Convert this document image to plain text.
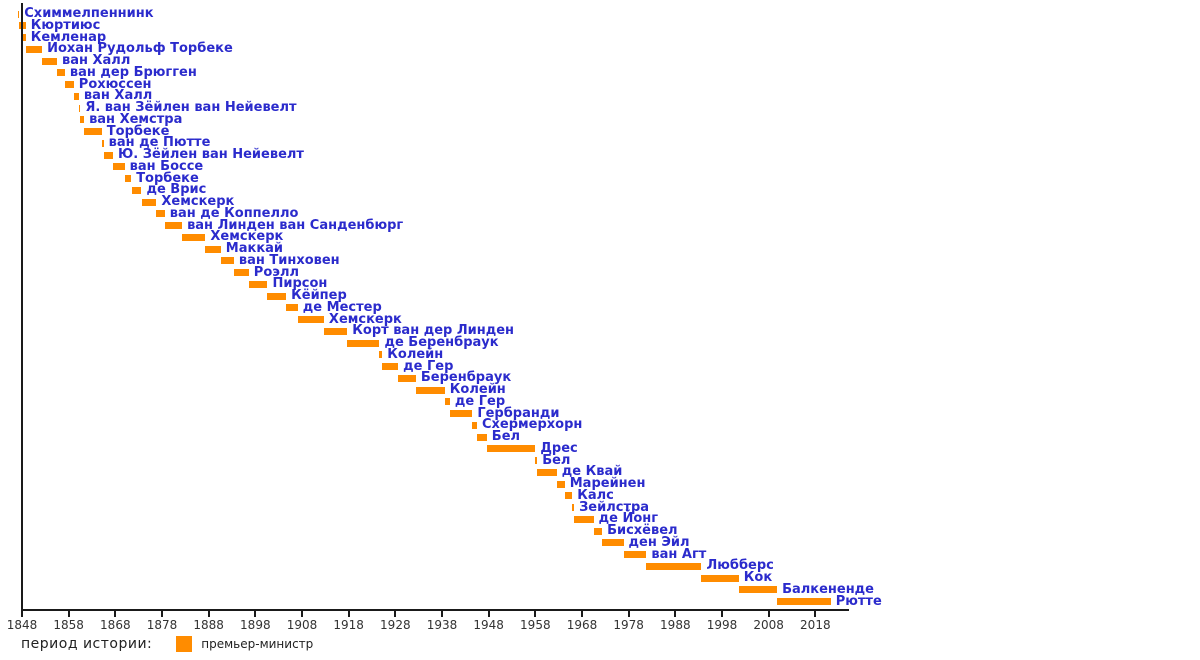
Схиммелпеннинк
Кюртиюс
Кемленар
Иохан Рудольф Торбеке
ван Халл
ван дер Брюгген
Рохюссен
ван Халл
Я. ван Зёйлен ван Нейевелт
ван Хемстра
Торбеке
ван де Пютте
Ю. Зёйлен ван Нейевелт
ван Боссе
Торбеке
де Врис
Хемскерк
ван де Коппелло
ван Линден ван Санденбюрг
Хемскерк
Маккай
ван Тинховен
Роэлл
Пирсон
Кёйпер
де Местер
Хемскерк
Корт ван дер Линден
де Беренбраук
Колейн
де Гер
Беренбраук
Колейн
де Гер
Гербранди
Схермерхорн
Бел
Дрес
Бел
де Квай
Марейнен
Калс
Зейлстра
де Йонг
Бисхёвел
ден Эйл
ван Агт
Любберс
Кок
Балкененде
Рютте
1848	1858	1868	1878	1888	1898	1908	1918	1928	1938	1948	1958	1968	1978	1988	1998	2008	2018
период истории:	премьер-министр
